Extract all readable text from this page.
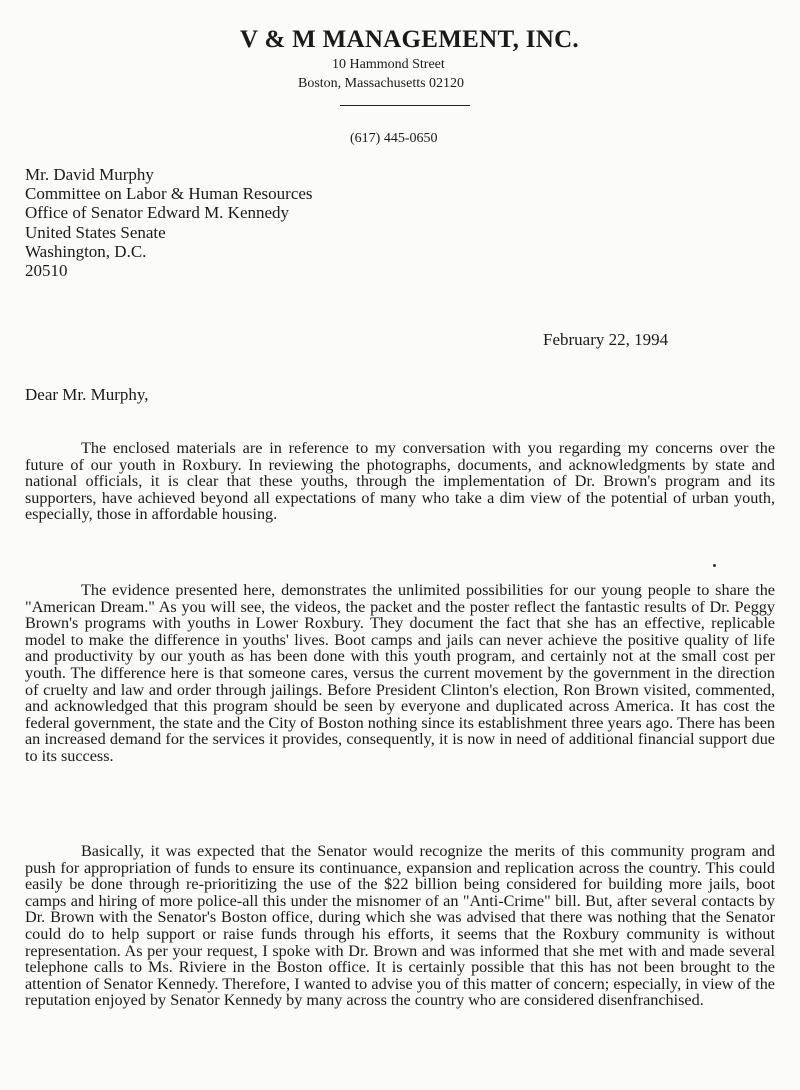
V & M MANAGEMENT, INC.
10 Hammond Street
Boston, Massachusetts 02120
(617) 445-0650
Mr. David Murphy
Committee on Labor & Human Resources
Office of Senator Edward M. Kennedy
United States Senate
Washington, D.C.
20510
February 22, 1994
Dear Mr. Murphy,

The enclosed materials are in reference to my conversation with you regarding my concerns over the future of our youth in Roxbury. In reviewing the photographs, documents, and acknowledgments by state and national officials, it is clear that these youths, through the implementation of Dr. Brown's program and its supporters, have achieved beyond all expectations of many who take a dim view of the potential of urban youth, especially, those in affordable housing.

The evidence presented here, demonstrates the unlimited possibilities for our young people to share the "American Dream." As you will see, the videos, the packet and the poster reflect the fantastic results of Dr. Peggy Brown's programs with youths in Lower Roxbury. They document the fact that she has an effective, replicable model to make the difference in youths' lives. Boot camps and jails can never achieve the positive quality of life and productivity by our youth as has been done with this youth program, and certainly not at the small cost per youth. The difference here is that someone cares, versus the current movement by the government in the direction of cruelty and law and order through jailings. Before President Clinton's election, Ron Brown visited, commented, and acknowledged that this program should be seen by everyone and duplicated across America. It has cost the federal government, the state and the City of Boston nothing since its establishment three years ago. There has been an increased demand for the services it provides, consequently, it is now in need of additional financial support due to its success.

Basically, it was expected that the Senator would recognize the merits of this community program and push for appropriation of funds to ensure its continuance, expansion and replication across the country. This could easily be done through re-prioritizing the use of the $22 billion being considered for building more jails, boot camps and hiring of more police-all this under the misnomer of an "Anti-Crime" bill. But, after several contacts by Dr. Brown with the Senator's Boston office, during which she was advised that there was nothing that the Senator could do to help support or raise funds through his efforts, it seems that the Roxbury community is without representation. As per your request, I spoke with Dr. Brown and was informed that she met with and made several telephone calls to Ms. Riviere in the Boston office. It is certainly possible that this has not been brought to the attention of Senator Kennedy. Therefore, I wanted to advise you of this matter of concern; especially, in view of the reputation enjoyed by Senator Kennedy by many across the country who are considered disenfranchised.
